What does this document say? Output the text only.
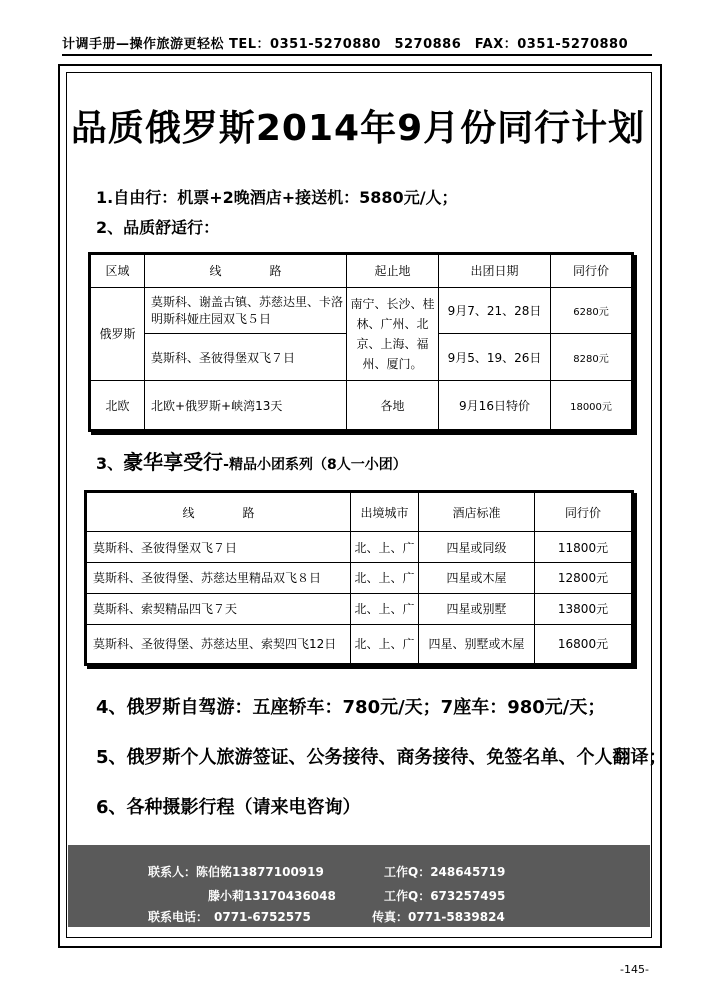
计调手册—操作旅游更轻松 TEL：0351-5270880　5270886　FAX：0351-5270880
品质俄罗斯2014年9月份同行计划
1.自由行：机票+2晚酒店+接送机：5880元/人；
2、品质舒适行：
区域	线　　　　路	起止地	出团日期	同行价
俄罗斯	莫斯科、谢盖古镇、苏慈达里、卡洛明斯科娅庄园双飞５日	南宁、长沙、桂林、广州、北京、上海、福州、厦门。	9月7、21、28日	6280元
	莫斯科、圣彼得堡双飞７日		9月5、19、26日	8280元
北欧	北欧+俄罗斯+峡湾13天	各地	9月16日特价	18000元
3、豪华享受行-精品小团系列（8人一小团）
线　　　　路	出境城市	酒店标准	同行价
莫斯科、圣彼得堡双飞７日	北、上、广	四星或同级	11800元
莫斯科、圣彼得堡、苏慈达里精品双飞８日	北、上、广	四星或木屋	12800元
莫斯科、索契精品四飞７天	北、上、广	四星或别墅	13800元
莫斯科、圣彼得堡、苏慈达里、索契四飞12日	北、上、广	四星、别墅或木屋	16800元
4、俄罗斯自驾游：五座轿车：780元/天；7座车：980元/天；
5、俄罗斯个人旅游签证、公务接待、商务接待、免签名单、个人翻译；
6、各种摄影行程（请来电咨询）
联系人：陈伯铭13877100919	工作Q：248645719
滕小莉13170436048	工作Q：673257495
联系电话：　0771-6752575	传真：0771-5839824
-145-
